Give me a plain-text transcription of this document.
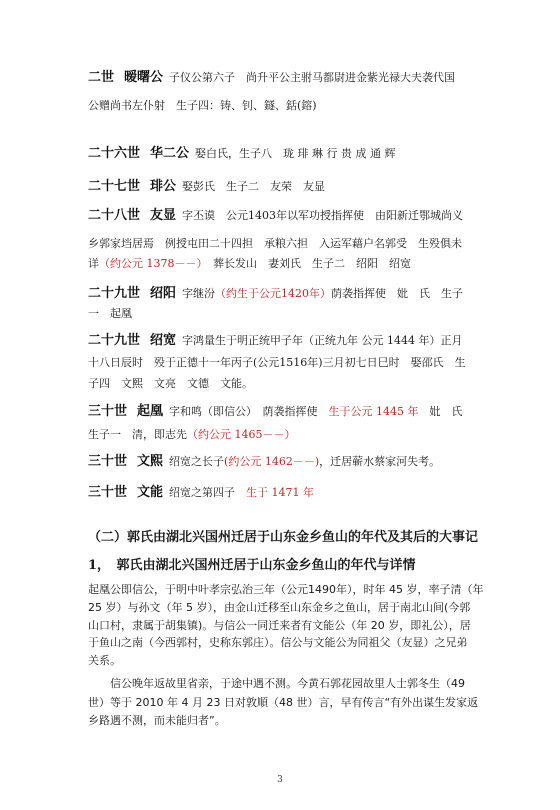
二世 暧曙公 子仪公第六子　尚升平公主驸马都尉进金紫光禄大夫袭代国
公赠尚书左仆射　生子四：铸、钊、鐩、銛(鎔)
二十六世 华二公 娶白氏，生子八　珑 琲 琳 行 贵 成 通 辉
二十七世 琲公 娶彭氏　生子二　友荣　友显
二十八世 友显 字丕谟　公元1403年以军功授指挥使　由阳新迁鄂城尚义
乡郭家垱居焉　例授屯田二十四担　承粮六担　入运军藉户名郭受　生殁俱未
详（约公元 1378－－）　葬长发山　妻刘氏　生子二　绍阳　绍宽
二十九世 绍阳 字继汾（约生于公元1420年）荫袭指挥使　妣　氏　生子
一　起凰
二十九世 绍宽 字鸿量生于明正统甲子年（正统九年 公元 1444 年）正月
十八日辰时　殁于正德十一年丙子(公元1516年)三月初七日巳时　娶邵氏　生
子四　文熙　文亮　文德　文能。
三十世 起凰 字和鸣（即信公）　荫袭指挥使　生于公元 1445 年　妣　氏
生子一　清，即志先（约公元 1465－－）
三十世 文熙 绍宽之长子(约公元 1462－－)，迁居蕲水蔡家河失考。
三十世 文能 绍宽之第四子　生于 1471 年
（二）郭氏由湖北兴国州迁居于山东金乡鱼山的年代及其后的大事记
1，　郭氏由湖北兴国州迁居于山东金乡鱼山的年代与详情
起凰公即信公，于明中叶孝宗弘治三年（公元1490年），时年 45 岁，率子清（年
25 岁）与孙文（年 5 岁），由金山迁移至山东金乡之鱼山，居于南北山间(今郭
山口村，隶属于胡集镇)。与信公一同迁来者有文能公（年 20 岁，即礼公），居
于鱼山之南（今西郭村，史称东郭庄）。信公与文能公为同祖父（友显）之兄弟
关系。
　　信公晚年返故里省亲，于途中遇不测。今黄石郭花园故里人士郭冬生（49
世）等于 2010 年 4 月 23 日对敦順（48 世）言，早有传言“有外出谋生发家返
乡路遇不测，而未能归者”。
3
